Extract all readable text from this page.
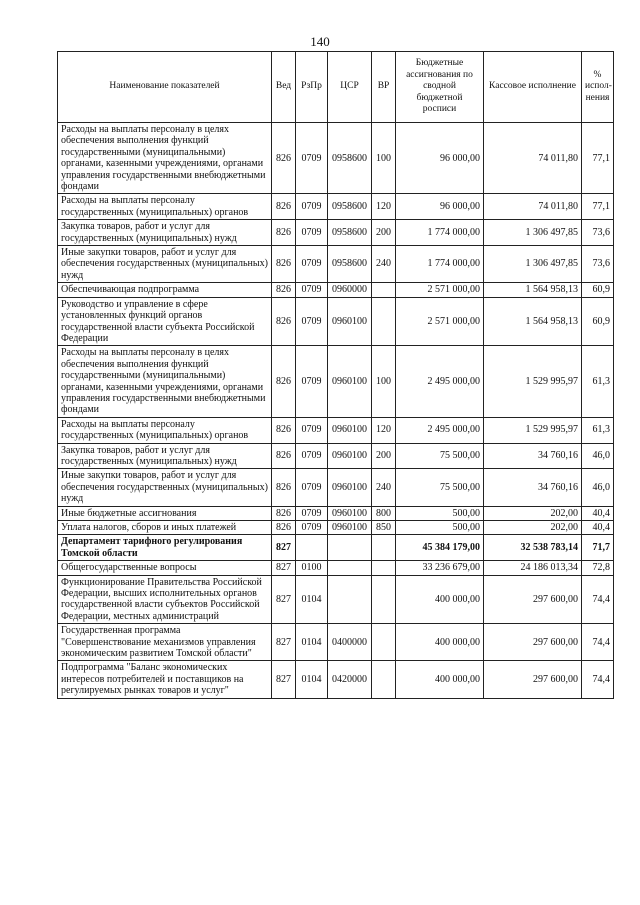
140
Наименование показателей	Вед	РзПр	ЦСР	ВР	Бюджетные ассигнования по сводной бюджетной росписи	Кассовое исполнение	% испол-нения
Расходы на выплаты персоналу в целях обеспечения выполнения функций государственными (муниципальными) органами, казенными учреждениями, органами управления государственными внебюджетными фондами	826	0709	0958600	100	96 000,00	74 011,80	77,1
Расходы на выплаты персоналу государственных (муниципальных) органов	826	0709	0958600	120	96 000,00	74 011,80	77,1
Закупка товаров, работ и услуг для государственных (муниципальных) нужд	826	0709	0958600	200	1 774 000,00	1 306 497,85	73,6
Иные закупки товаров, работ и услуг для обеспечения государственных (муниципальных) нужд	826	0709	0958600	240	1 774 000,00	1 306 497,85	73,6
Обеспечивающая подпрограмма	826	0709	0960000		2 571 000,00	1 564 958,13	60,9
Руководство и управление в сфере установленных функций органов государственной власти субъекта Российской Федерации	826	0709	0960100		2 571 000,00	1 564 958,13	60,9
Расходы на выплаты персоналу в целях обеспечения выполнения функций государственными (муниципальными) органами, казенными учреждениями, органами управления государственными внебюджетными фондами	826	0709	0960100	100	2 495 000,00	1 529 995,97	61,3
Расходы на выплаты персоналу государственных (муниципальных) органов	826	0709	0960100	120	2 495 000,00	1 529 995,97	61,3
Закупка товаров, работ и услуг для государственных (муниципальных) нужд	826	0709	0960100	200	75 500,00	34 760,16	46,0
Иные закупки товаров, работ и услуг для обеспечения государственных (муниципальных) нужд	826	0709	0960100	240	75 500,00	34 760,16	46,0
Иные бюджетные ассигнования	826	0709	0960100	800	500,00	202,00	40,4
Уплата налогов, сборов и иных платежей	826	0709	0960100	850	500,00	202,00	40,4
Департамент тарифного регулирования Томской области	827				45 384 179,00	32 538 783,14	71,7
Общегосударственные вопросы	827	0100			33 236 679,00	24 186 013,34	72,8
Функционирование Правительства Российской Федерации, высших исполнительных органов государственной власти субъектов Российской Федерации, местных администраций	827	0104			400 000,00	297 600,00	74,4
Государственная программа "Совершенствование механизмов управления экономическим развитием Томской области"	827	0104	0400000		400 000,00	297 600,00	74,4
Подпрограмма "Баланс экономических интересов потребителей и поставщиков на регулируемых рынках товаров и услуг"	827	0104	0420000		400 000,00	297 600,00	74,4
